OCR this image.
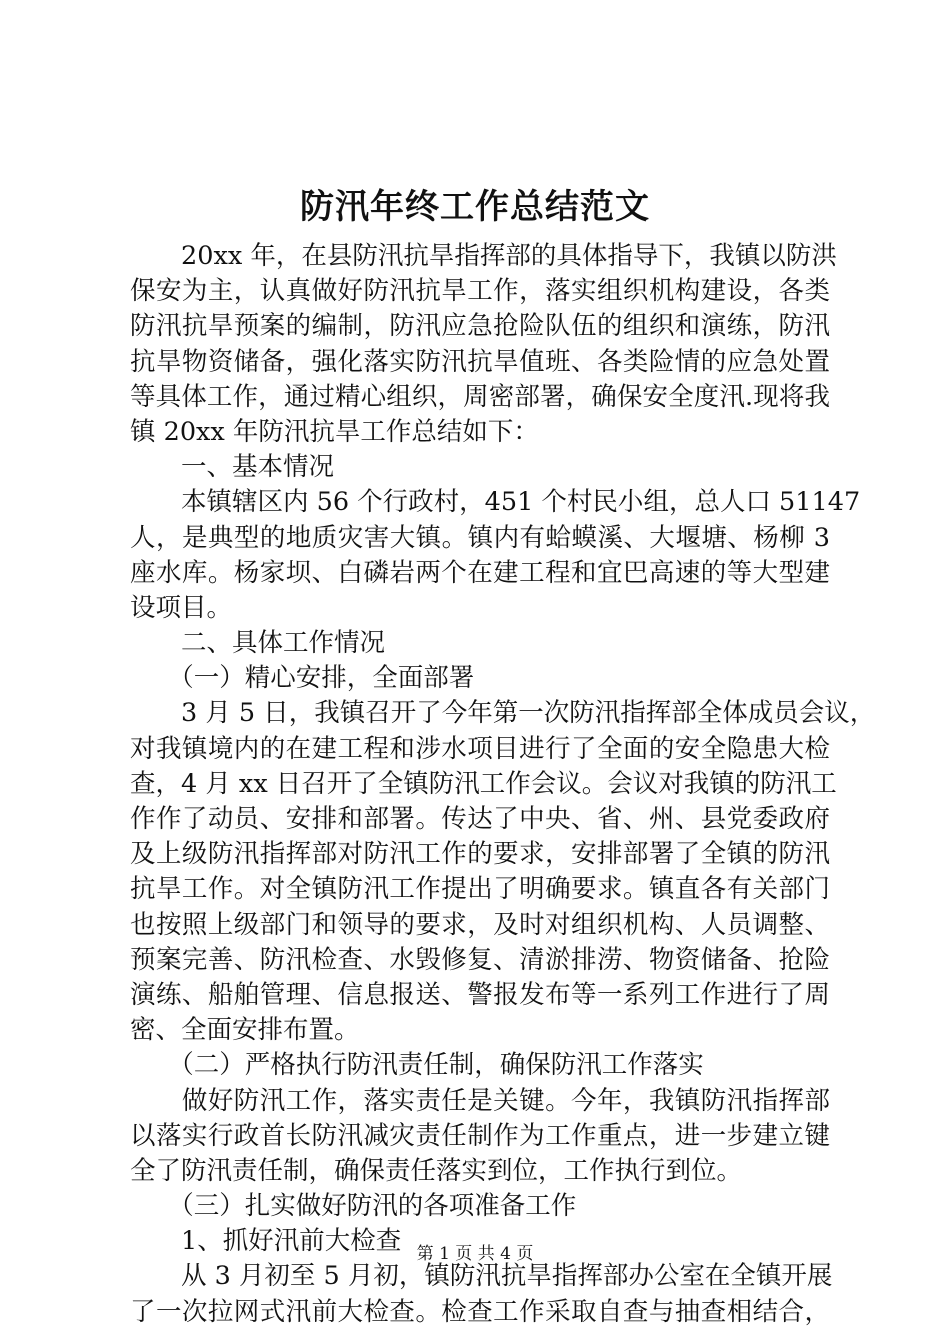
防汛年终工作总结范文
　　20xx 年，在县防汛抗旱指挥部的具体指导下，我镇以防洪
保安为主，认真做好防汛抗旱工作，落实组织机构建设，各类
防汛抗旱预案的编制，防汛应急抢险队伍的组织和演练，防汛
抗旱物资储备，强化落实防汛抗旱值班、各类险情的应急处置
等具体工作，通过精心组织，周密部署，确保安全度汛.现将我
镇 20xx 年防汛抗旱工作总结如下：
　　一、基本情况
　　本镇辖区内 56 个行政村，451 个村民小组，总人口 51147
人，是典型的地质灾害大镇。镇内有蛤蟆溪、大堰塘、杨柳 3
座水库。杨家坝、白磷岩两个在建工程和宜巴高速的等大型建
设项目。
　　二、具体工作情况
　　（一）精心安排，全面部署
　　3 月 5 日，我镇召开了今年第一次防汛指挥部全体成员会议，
对我镇境内的在建工程和涉水项目进行了全面的安全隐患大检
查，4 月 xx 日召开了全镇防汛工作会议。会议对我镇的防汛工
作作了动员、安排和部署。传达了中央、省、州、县党委政府
及上级防汛指挥部对防汛工作的要求，安排部署了全镇的防汛
抗旱工作。对全镇防汛工作提出了明确要求。镇直各有关部门
也按照上级部门和领导的要求，及时对组织机构、人员调整、
预案完善、防汛检查、水毁修复、清淤排涝、物资储备、抢险
演练、船舶管理、信息报送、警报发布等一系列工作进行了周
密、全面安排布置。
　　（二）严格执行防汛责任制，确保防汛工作落实
　　做好防汛工作，落实责任是关键。今年，我镇防汛指挥部
以落实行政首长防汛减灾责任制作为工作重点，进一步建立键
全了防汛责任制，确保责任落实到位，工作执行到位。
　　（三）扎实做好防汛的各项准备工作
　　1、抓好汛前大检查
　　从 3 月初至 5 月初，镇防汛抗旱指挥部办公室在全镇开展
了一次拉网式汛前大检查。检查工作采取自查与抽查相结合，
第 1 页 共 4 页
